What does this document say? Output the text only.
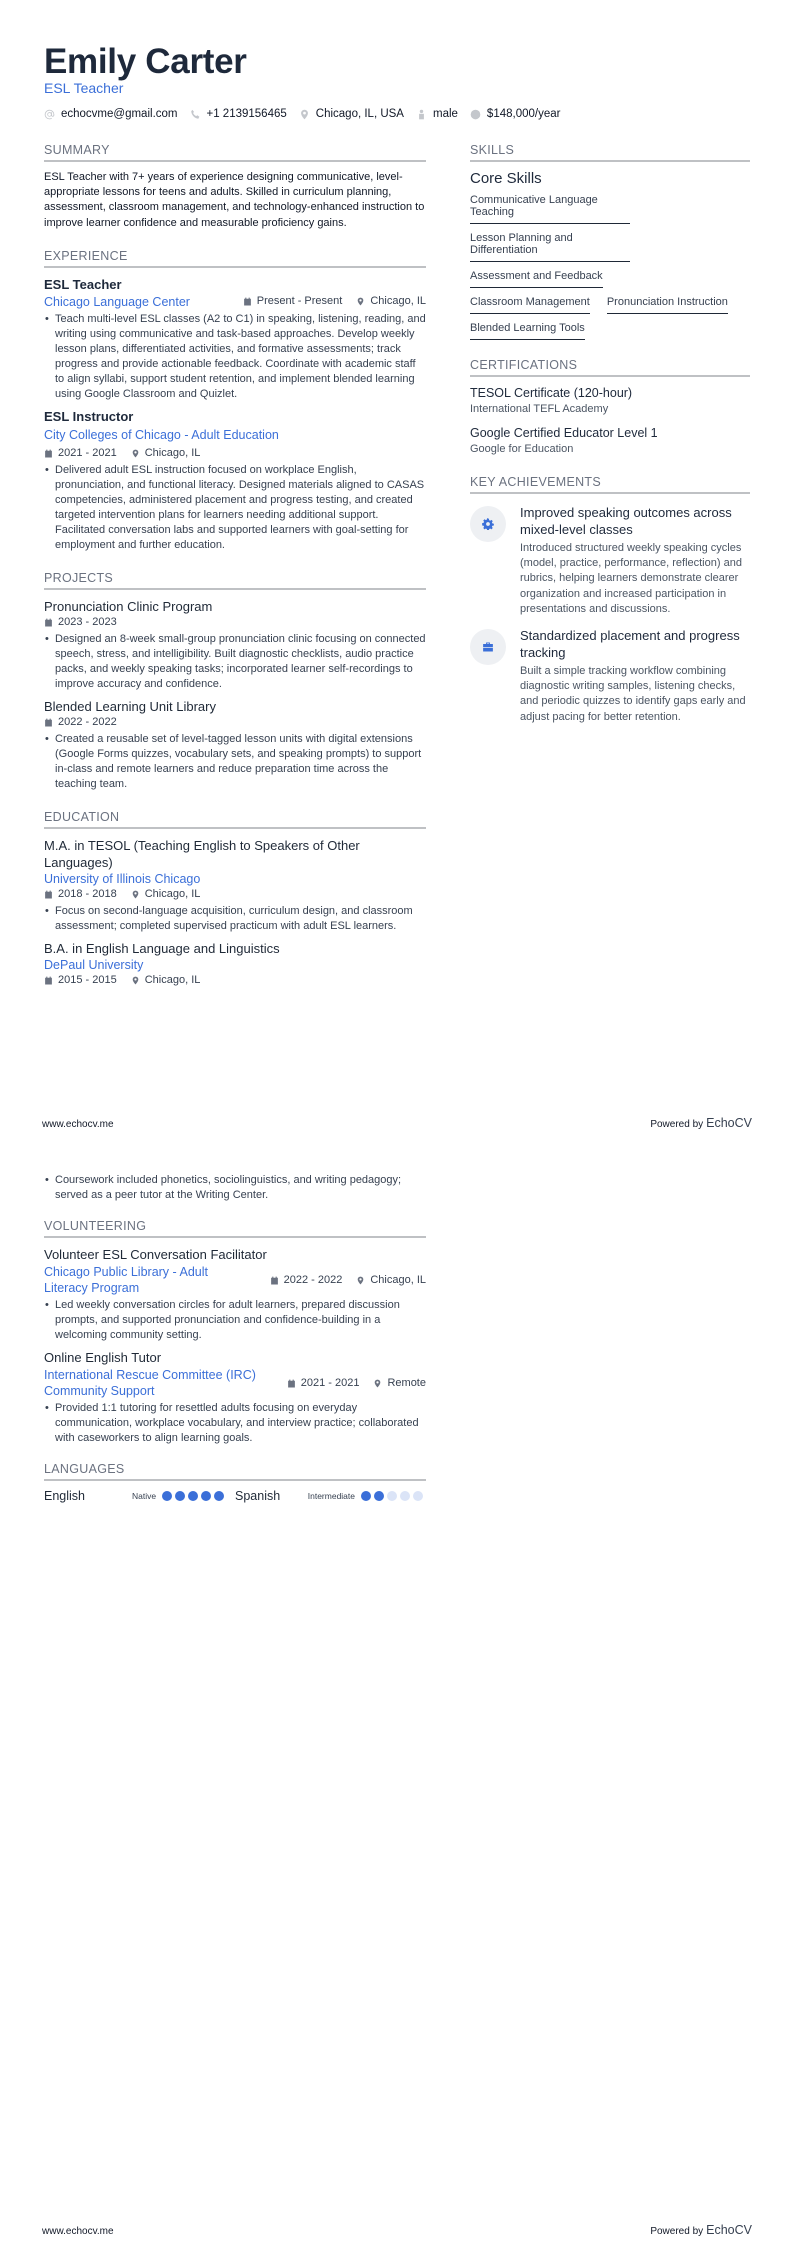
Emily Carter
ESL Teacher
echocvme@gmail.com	+1 2139156465	Chicago, IL, USA	male	$148,000/year
SUMMARY
ESL Teacher with 7+ years of experience designing communicative, level-appropriate lessons for teens and adults. Skilled in curriculum planning, assessment, classroom management, and technology-enhanced instruction to improve learner confidence and measurable proficiency gains.
EXPERIENCE
ESL Teacher
Chicago Language Center	Present - Present	Chicago, IL
• Teach multi-level ESL classes (A2 to C1) in speaking, listening, reading, and writing using communicative and task-based approaches. Develop weekly lesson plans, differentiated activities, and formative assessments; track progress and provide actionable feedback. Coordinate with academic staff to align syllabi, support student retention, and implement blended learning using Google Classroom and Quizlet.
ESL Instructor
City Colleges of Chicago - Adult Education
2021 - 2021	Chicago, IL
• Delivered adult ESL instruction focused on workplace English, pronunciation, and functional literacy. Designed materials aligned to CASAS competencies, administered placement and progress testing, and created targeted intervention plans for learners needing additional support. Facilitated conversation labs and supported learners with goal-setting for employment and further education.
PROJECTS
Pronunciation Clinic Program
2023 - 2023
• Designed an 8-week small-group pronunciation clinic focusing on connected speech, stress, and intelligibility. Built diagnostic checklists, audio practice packs, and weekly speaking tasks; incorporated learner self-recordings to improve accuracy and confidence.
Blended Learning Unit Library
2022 - 2022
• Created a reusable set of level-tagged lesson units with digital extensions (Google Forms quizzes, vocabulary sets, and speaking prompts) to support in-class and remote learners and reduce preparation time across the teaching team.
EDUCATION
M.A. in TESOL (Teaching English to Speakers of Other Languages)
University of Illinois Chicago
2018 - 2018	Chicago, IL
• Focus on second-language acquisition, curriculum design, and classroom assessment; completed supervised practicum with adult ESL learners.
B.A. in English Language and Linguistics
DePaul University
2015 - 2015	Chicago, IL
SKILLS
Core Skills
Communicative Language Teaching
Lesson Planning and Differentiation
Assessment and Feedback
Classroom Management Pronunciation Instruction
Blended Learning Tools
CERTIFICATIONS
TESOL Certificate (120-hour)
International TEFL Academy
Google Certified Educator Level 1
Google for Education
KEY ACHIEVEMENTS
Improved speaking outcomes across mixed-level classes
Introduced structured weekly speaking cycles (model, practice, performance, reflection) and rubrics, helping learners demonstrate clearer organization and increased participation in presentations and discussions.
Standardized placement and progress tracking
Built a simple tracking workflow combining diagnostic writing samples, listening checks, and periodic quizzes to identify gaps early and adjust pacing for better retention.
www.echocv.me	Powered by EchoCV
• Coursework included phonetics, sociolinguistics, and writing pedagogy; served as a peer tutor at the Writing Center.
VOLUNTEERING
Volunteer ESL Conversation Facilitator
Chicago Public Library - Adult Literacy Program
2022 - 2022	Chicago, IL
• Led weekly conversation circles for adult learners, prepared discussion prompts, and supported pronunciation and confidence-building in a welcoming community setting.
Online English Tutor
International Rescue Committee (IRC) Community Support
2021 - 2021	Remote
• Provided 1:1 tutoring for resettled adults focusing on everyday communication, workplace vocabulary, and interview practice; collaborated with caseworkers to align learning goals.
LANGUAGES
English	Native	Spanish	Intermediate
www.echocv.me	Powered by EchoCV
